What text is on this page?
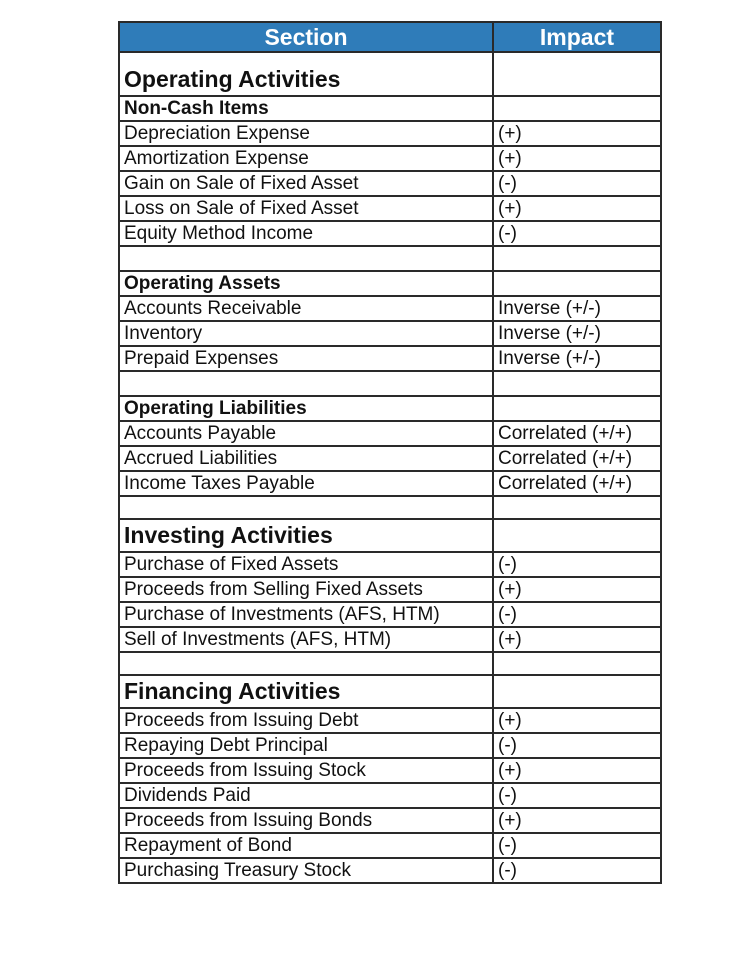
Section	Impact
Operating Activities	
Non-Cash Items	
Depreciation Expense	(+)
Amortization Expense	(+)
Gain on Sale of Fixed Asset	(-)
Loss on Sale of Fixed Asset	(+)
Equity Method Income	(-)

Operating Assets	
Accounts Receivable	Inverse (+/-)
Inventory	Inverse (+/-)
Prepaid Expenses	Inverse (+/-)

Operating Liabilities	
Accounts Payable	Correlated (+/+)
Accrued Liabilities	Correlated (+/+)
Income Taxes Payable	Correlated (+/+)

Investing Activities	
Purchase of Fixed Assets	(-)
Proceeds from Selling Fixed Assets	(+)
Purchase of Investments (AFS, HTM)	(-)
Sell of Investments (AFS, HTM)	(+)

Financing Activities	
Proceeds from Issuing Debt	(+)
Repaying Debt Principal	(-)
Proceeds from Issuing Stock	(+)
Dividends Paid	(-)
Proceeds from Issuing Bonds	(+)
Repayment of Bond	(-)
Purchasing Treasury Stock	(-)
